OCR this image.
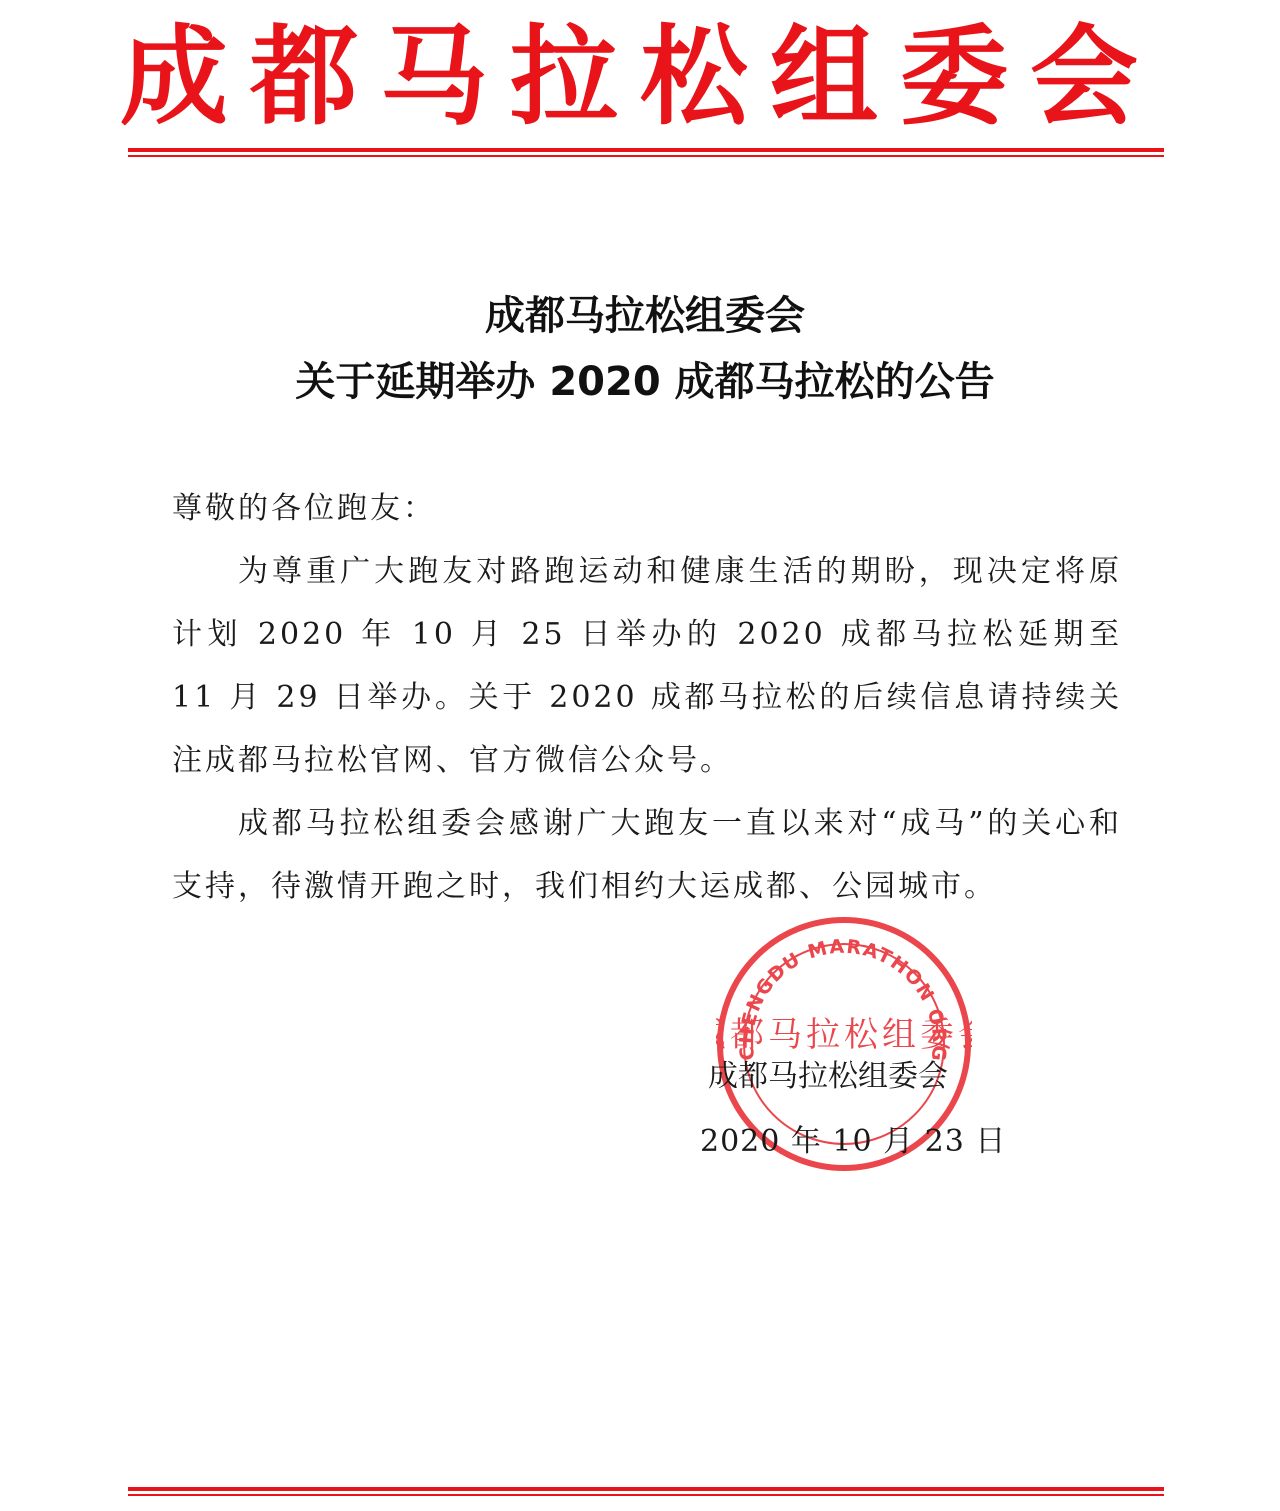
成都马拉松组委会
成都马拉松组委会
关于延期举办 2020 成都马拉松的公告
尊敬的各位跑友：
为尊重广大跑友对路跑运动和健康生活的期盼，现决定将原计划 2020 年 10 月 25 日举办的 2020 成都马拉松延期至 11 月 29 日举办。关于 2020 成都马拉松的后续信息请持续关注成都马拉松官网、官方微信公众号。
成都马拉松组委会感谢广大跑友一直以来对“成马”的关心和支持，待激情开跑之时，我们相约大运成都、公园城市。
CHENGDU MARATHON ORG
都马拉松组委
成都马拉松组委会
2020 年 10 月 23 日
